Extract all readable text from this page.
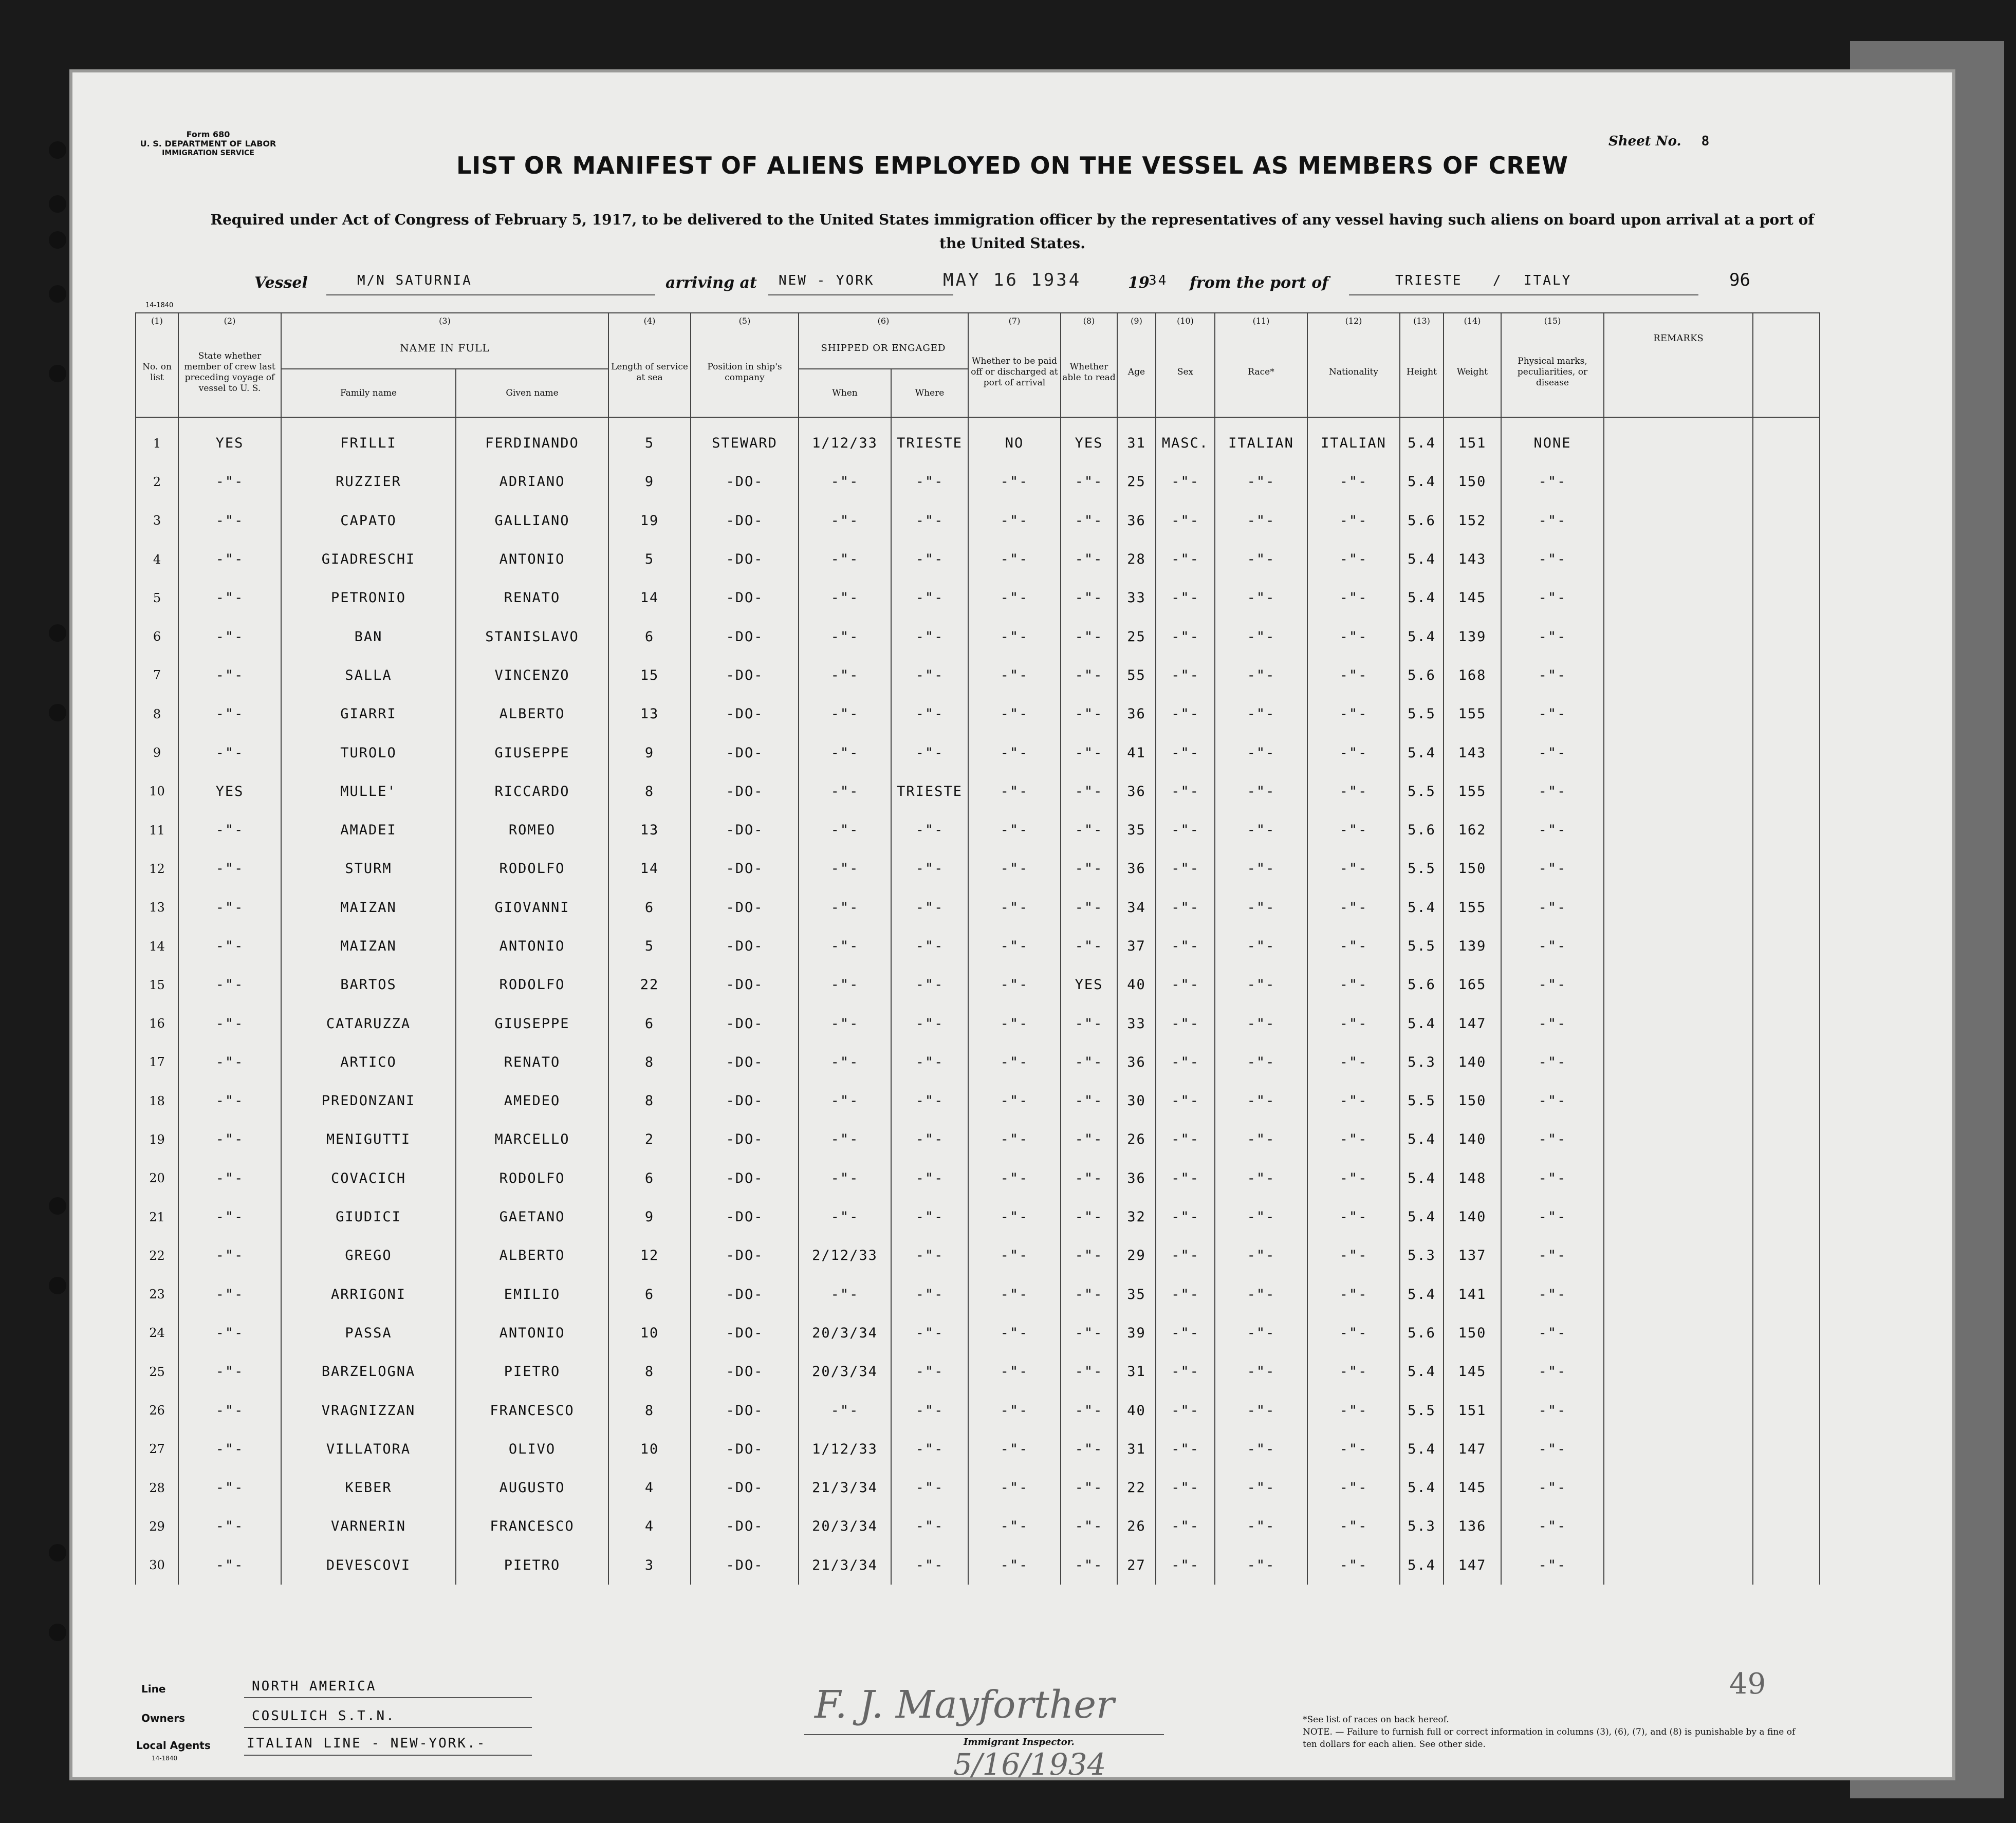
Form 680
U. S. DEPARTMENT OF LABOR
IMMIGRATION SERVICE
Sheet No. 8
LIST OR MANIFEST OF ALIENS EMPLOYED ON THE VESSEL AS MEMBERS OF CREW
Required under Act of Congress of February 5, 1917, to be delivered to the United States immigration officer by the representatives of any vessel having such aliens on board upon arrival at a port of the United States.
Vessel	M/N SATURNIA	arriving at NEW - YORK	MAY 16 1934	19
34 from the port of	TRIESTE / ITALY	96
14-1840
(1)	(2)	(3)		(4)	(5)	(6)		(7)	(8)	(9)	(10)	(11)	(12)	(13)	(14)	(15)		
No. on list	State whether member of crew last preceding voyage of vessel to U. S.	NAME IN FULL		Length of service at sea	Position in ship's company	SHIPPED OR ENGAGED		Whether to be paid off or discharged at port of arrival	Whether able to read	Age	Sex	Race*	Nationality	Height	Weight	Physical marks, peculiarities, or disease	REMARKS	
		Family name	Given name			When	Where											
1	YES	FRILLI	FERDINANDO	5	STEWARD	1/12/33	TRIESTE	NO	YES	31	MASC.	ITALIAN	ITALIAN	5.4	151	NONE		
2	-"-	RUZZIER	ADRIANO	9	-DO-	-"-	-"-	-"-	-"-	25	-"-	-"-	-"-	5.4	150	-"-		
3	-"-	CAPATO	GALLIANO	19	-DO-	-"-	-"-	-"-	-"-	36	-"-	-"-	-"-	5.6	152	-"-		
4	-"-	GIADRESCHI	ANTONIO	5	-DO-	-"-	-"-	-"-	-"-	28	-"-	-"-	-"-	5.4	143	-"-		
5	-"-	PETRONIO	RENATO	14	-DO-	-"-	-"-	-"-	-"-	33	-"-	-"-	-"-	5.4	145	-"-		
6	-"-	BAN	STANISLAVO	6	-DO-	-"-	-"-	-"-	-"-	25	-"-	-"-	-"-	5.4	139	-"-		
7	-"-	SALLA	VINCENZO	15	-DO-	-"-	-"-	-"-	-"-	55	-"-	-"-	-"-	5.6	168	-"-		
8	-"-	GIARRI	ALBERTO	13	-DO-	-"-	-"-	-"-	-"-	36	-"-	-"-	-"-	5.5	155	-"-		
9	-"-	TUROLO	GIUSEPPE	9	-DO-	-"-	-"-	-"-	-"-	41	-"-	-"-	-"-	5.4	143	-"-		
10	YES	MULLE'	RICCARDO	8	-DO-	-"-	TRIESTE	-"-	-"-	36	-"-	-"-	-"-	5.5	155	-"-		
11	-"-	AMADEI	ROMEO	13	-DO-	-"-	-"-	-"-	-"-	35	-"-	-"-	-"-	5.6	162	-"-		
12	-"-	STURM	RODOLFO	14	-DO-	-"-	-"-	-"-	-"-	36	-"-	-"-	-"-	5.5	150	-"-		
13	-"-	MAIZAN	GIOVANNI	6	-DO-	-"-	-"-	-"-	-"-	34	-"-	-"-	-"-	5.4	155	-"-		
14	-"-	MAIZAN	ANTONIO	5	-DO-	-"-	-"-	-"-	-"-	37	-"-	-"-	-"-	5.5	139	-"-		
15	-"-	BARTOS	RODOLFO	22	-DO-	-"-	-"-	-"-	YES	40	-"-	-"-	-"-	5.6	165	-"-		
16	-"-	CATARUZZA	GIUSEPPE	6	-DO-	-"-	-"-	-"-	-"-	33	-"-	-"-	-"-	5.4	147	-"-		
17	-"-	ARTICO	RENATO	8	-DO-	-"-	-"-	-"-	-"-	36	-"-	-"-	-"-	5.3	140	-"-		
18	-"-	PREDONZANI	AMEDEO	8	-DO-	-"-	-"-	-"-	-"-	30	-"-	-"-	-"-	5.5	150	-"-		
19	-"-	MENIGUTTI	MARCELLO	2	-DO-	-"-	-"-	-"-	-"-	26	-"-	-"-	-"-	5.4	140	-"-		
20	-"-	COVACICH	RODOLFO	6	-DO-	-"-	-"-	-"-	-"-	36	-"-	-"-	-"-	5.4	148	-"-		
21	-"-	GIUDICI	GAETANO	9	-DO-	-"-	-"-	-"-	-"-	32	-"-	-"-	-"-	5.4	140	-"-		
22	-"-	GREGO	ALBERTO	12	-DO-	2/12/33	-"-	-"-	-"-	29	-"-	-"-	-"-	5.3	137	-"-		
23	-"-	ARRIGONI	EMILIO	6	-DO-	-"-	-"-	-"-	-"-	35	-"-	-"-	-"-	5.4	141	-"-		
24	-"-	PASSA	ANTONIO	10	-DO-	20/3/34	-"-	-"-	-"-	39	-"-	-"-	-"-	5.6	150	-"-		
25	-"-	BARZELOGNA	PIETRO	8	-DO-	20/3/34	-"-	-"-	-"-	31	-"-	-"-	-"-	5.4	145	-"-		
26	-"-	VRAGNIZZAN	FRANCESCO	8	-DO-	-"-	-"-	-"-	-"-	40	-"-	-"-	-"-	5.5	151	-"-		
27	-"-	VILLATORA	OLIVO	10	-DO-	1/12/33	-"-	-"-	-"-	31	-"-	-"-	-"-	5.4	147	-"-		
28	-"-	KEBER	AUGUSTO	4	-DO-	21/3/34	-"-	-"-	-"-	22	-"-	-"-	-"-	5.4	145	-"-		
29	-"-	VARNERIN	FRANCESCO	4	-DO-	20/3/34	-"-	-"-	-"-	26	-"-	-"-	-"-	5.3	136	-"-		
30	-"-	DEVESCOVI	PIETRO	3	-DO-	21/3/34	-"-	-"-	-"-	27	-"-	-"-	-"-	5.4	147	-"-		
Line	NORTH AMERICA
Owners	COSULICH S.T.N.
Local Agents	ITALIAN LINE - NEW-YORK.-
14-1840
F. J. Mayforther
Immigrant Inspector.
5/16/1934
*See list of races on back hereof.
NOTE. — Failure to furnish full or correct information in columns (3), (6), (7), and (8) is punishable by a fine of ten dollars for each alien. See other side.
49
